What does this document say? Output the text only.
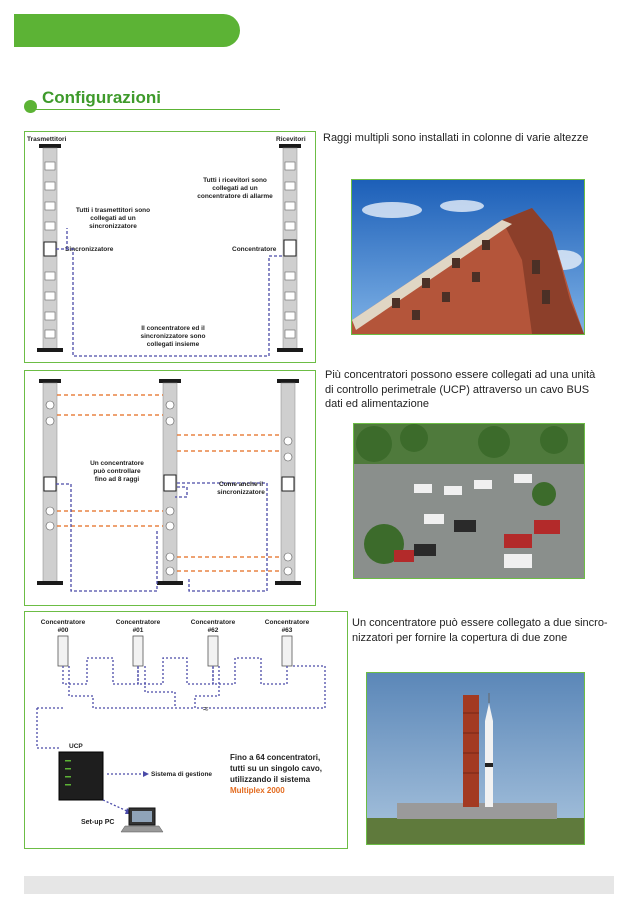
Configurazioni
Trasmettitori	Ricevitori
Tutti i trasmettitori sono
collegati ad un
sincronizzatore
Tutti i ricevitori sono
collegati ad un
concentratore di allarme
Sincronizzatore	Concentratore
Il concentratore ed il
sincronizzatore sono
collegati insieme
Raggi multipli sono installati in colonne di varie altezze
Un concentratore
può controllare
fino ad 8 raggi
Come anche il
sincronizzatore
Più concentratori possono essere collegati ad una unità
di controllo perimetrale (UCP) attraverso un cavo BUS
dati ed alimentazione
Concentratore
#00
Concentratore
#01
Concentratore
#62
Concentratore
#63
≈
UCP
Sistema di gestione
Set-up PC
Fino a 64 concentratori,
tutti su un singolo cavo,
utilizzando il sistema
Multiplex 2000
Un concentratore può essere collegato a due sincro-
nizzatori per fornire la copertura di due zone
